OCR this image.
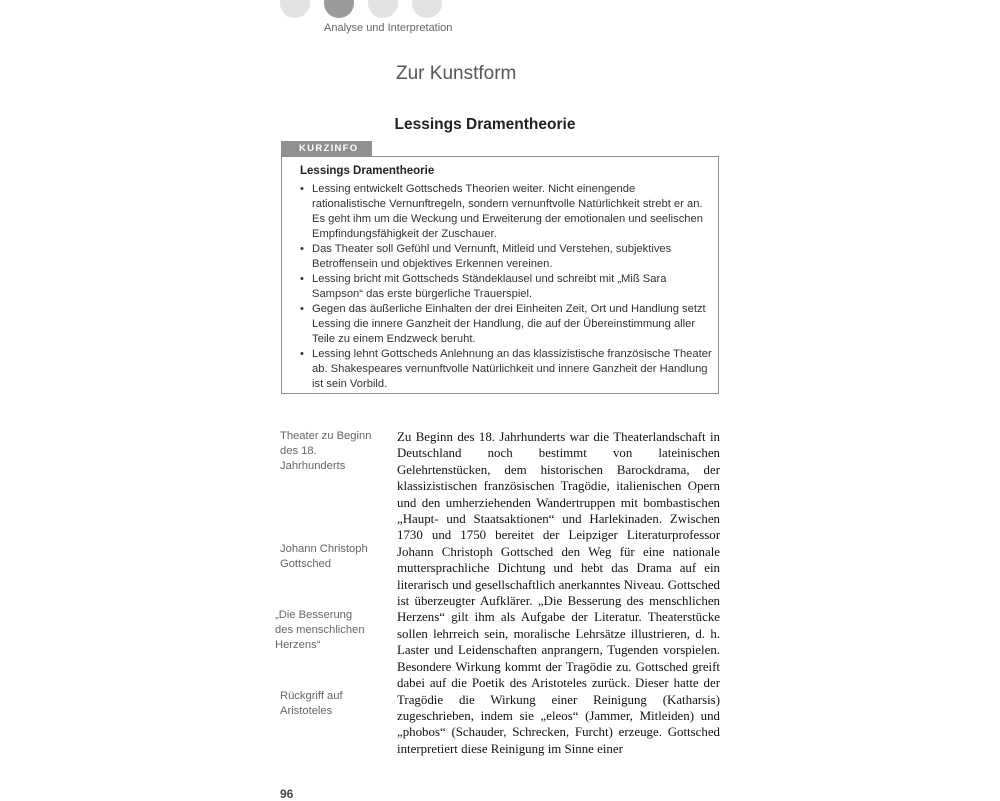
Analyse und Interpretation
Zur Kunstform
Lessings Dramentheorie
KURZINFO

Lessings Dramentheorie

• Lessing entwickelt Gottscheds Theorien weiter. Nicht einengende rationalistische Vernunftregeln, sondern vernunftvolle Natürlichkeit strebt er an. Es geht ihm um die Weckung und Erweiterung der emotionalen und seelischen Empfindungsfähigkeit der Zuschauer.
• Das Theater soll Gefühl und Vernunft, Mitleid und Verstehen, subjektives Betroffensein und objektives Erkennen vereinen.
• Lessing bricht mit Gottscheds Ständeklausel und schreibt mit „Miß Sara Sampson“ das erste bürgerliche Trauerspiel.
• Gegen das äußerliche Einhalten der drei Einheiten Zeit, Ort und Handlung setzt Lessing die innere Ganzheit der Handlung, die auf der Übereinstimmung aller Teile zu einem Endzweck beruht.
• Lessing lehnt Gottscheds Anlehnung an das klassizistische französische Theater ab. Shakespeares vernunftvolle Natürlichkeit und innere Ganzheit der Handlung ist sein Vorbild.
Theater zu Beginn des 18. Jahrhunderts
Johann Christoph Gottsched
„Die Besserung des menschlichen Herzens“
Rückgriff auf Aristoteles

Zu Beginn des 18. Jahrhunderts war die Theaterlandschaft in Deutschland noch bestimmt von lateinischen Gelehrtenstücken, dem historischen Barockdrama, der klassizistischen französischen Tragödie, italienischen Opern und den umherziehenden Wandertruppen mit bombastischen „Haupt- und Staatsaktionen“ und Harlekinaden. Zwischen 1730 und 1750 bereitet der Leipziger Literaturprofessor Johann Christoph Gottsched den Weg für eine nationale muttersprachliche Dichtung und hebt das Drama auf ein literarisch und gesellschaftlich anerkanntes Niveau. Gottsched ist überzeugter Aufklärer. „Die Besserung des menschlichen Herzens“ gilt ihm als Aufgabe der Literatur. Theaterstücke sollen lehrreich sein, moralische Lehrsätze illustrieren, d. h. Laster und Leidenschaften anprangern, Tugenden vorspielen. Besondere Wirkung kommt der Tragödie zu. Gottsched greift dabei auf die Poetik des Aristoteles zurück. Dieser hatte der Tragödie die Wirkung einer Reinigung (Katharsis) zugeschrieben, indem sie „eleos“ (Jammer, Mitleiden) und „phobos“ (Schauder, Schrecken, Furcht) erzeuge. Gottsched interpretiert diese Reinigung im Sinne einer

96
